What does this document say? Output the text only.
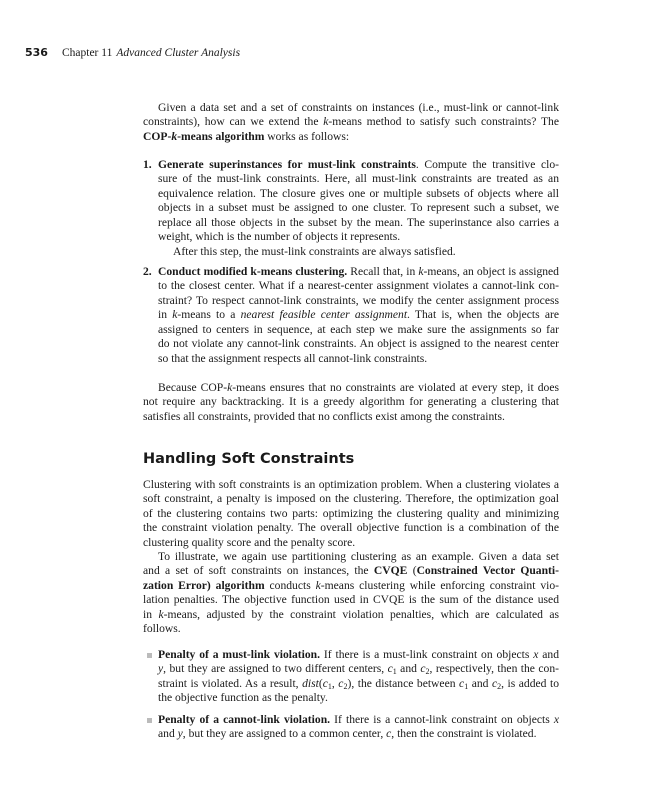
536 Chapter 11 Advanced Cluster Analysis
Handling Soft Constraints
Given a data set and a set of constraints on instances (i.e., must-link or cannot-link
constraints), how can we extend the k-means method to satisfy such constraints? The
COP-k-means algorithm works as follows:
1. Generate superinstances for must-link constraints. Compute the transitive clo-
sure of the must-link constraints. Here, all must-link constraints are treated as an
equivalence relation. The closure gives one or multiple subsets of objects where all
objects in a subset must be assigned to one cluster. To represent such a subset, we
replace all those objects in the subset by the mean. The superinstance also carries a
weight, which is the number of objects it represents.
After this step, the must-link constraints are always satisfied.
2. Conduct modified k-means clustering. Recall that, in k-means, an object is assigned
to the closest center. What if a nearest-center assignment violates a cannot-link con-
straint? To respect cannot-link constraints, we modify the center assignment process
in k-means to a nearest feasible center assignment. That is, when the objects are
assigned to centers in sequence, at each step we make sure the assignments so far
do not violate any cannot-link constraints. An object is assigned to the nearest center
so that the assignment respects all cannot-link constraints.
Because COP-k-means ensures that no constraints are violated at every step, it does
not require any backtracking. It is a greedy algorithm for generating a clustering that
satisfies all constraints, provided that no conflicts exist among the constraints.
Clustering with soft constraints is an optimization problem. When a clustering violates a
soft constraint, a penalty is imposed on the clustering. Therefore, the optimization goal
of the clustering contains two parts: optimizing the clustering quality and minimizing
the constraint violation penalty. The overall objective function is a combination of the
clustering quality score and the penalty score.
To illustrate, we again use partitioning clustering as an example. Given a data set
and a set of soft constraints on instances, the CVQE (Constrained Vector Quanti-
zation Error) algorithm conducts k-means clustering while enforcing constraint vio-
lation penalties. The objective function used in CVQE is the sum of the distance used
in k-means, adjusted by the constraint violation penalties, which are calculated as
follows.
Penalty of a must-link violation. If there is a must-link constraint on objects x and
y, but they are assigned to two different centers, $c_1$ and $c_2$, respectively, then the con-
straint is violated. As a result, $dist(c_1$, $c_2$), the distance between $c_1$ and $c_2$, is added to
the objective function as the penalty.
Penalty of a cannot-link violation. If there is a cannot-link constraint on objects x
and y, but they are assigned to a common center, c, then the constraint is violated.
